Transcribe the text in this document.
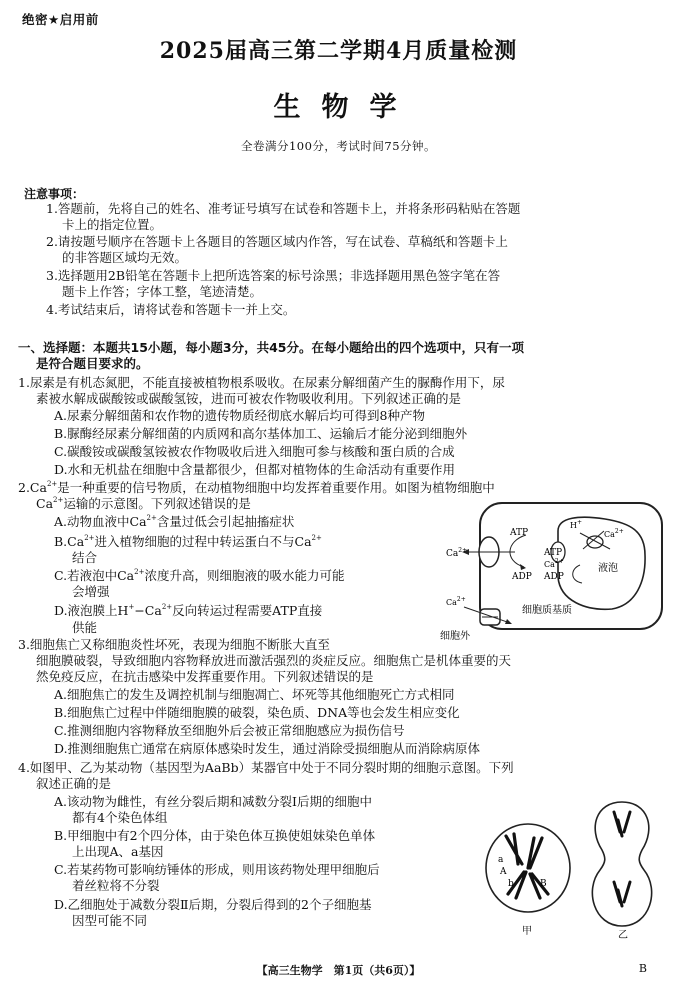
绝密★启用前
2025届高三第二学期4月质量检测
生物学
全卷满分100分，考试时间75分钟。
注意事项：
1.答题前，先将自己的姓名、准考证号填写在试卷和答题卡上，并将条形码粘贴在答题
卡上的指定位置。
2.请按题号顺序在答题卡上各题目的答题区域内作答，写在试卷、草稿纸和答题卡上
的非答题区域均无效。
3.选择题用2B铅笔在答题卡上把所选答案的标号涂黑；非选择题用黑色签字笔在答
题卡上作答；字体工整，笔迹清楚。
4.考试结束后，请将试卷和答题卡一并上交。
一、选择题：本题共15小题，每小题3分，共45分。在每小题给出的四个选项中，只有一项
是符合题目要求的。
1.尿素是有机态氮肥，不能直接被植物根系吸收。在尿素分解细菌产生的脲酶作用下，尿
素被水解成碳酸铵或碳酸氢铵，进而可被农作物吸收利用。下列叙述正确的是
A.尿素分解细菌和农作物的遗传物质经彻底水解后均可得到8种产物
B.脲酶经尿素分解细菌的内质网和高尔基体加工、运输后才能分泌到细胞外
C.碳酸铵或碳酸氢铵被农作物吸收后进入细胞可参与核酸和蛋白质的合成
D.水和无机盐在细胞中含量都很少，但都对植物体的生命活动有重要作用
$2.Ca^{2+}$是一种重要的信号物质，在动植物细胞中均发挥着重要作用。如图为植物细胞中
$Ca^{2+}$运输的示意图。下列叙述错误的是
A.动物血液中$Ca^{2+}$含量过低会引起抽搐症状
$B.Ca^{2+}$进入植物细胞的过程中转运蛋白不与$Ca^{2+}$
结合
C.若液泡中$Ca^{2+}$浓度升高，则细胞液的吸水能力可能
会增强
D.液泡膜上$H^+-Ca^{2+}$反向转运过程需要ATP直接
供能
$Ca^{2+}$
ATP
ADP
ATP
ADP
$Ca^{2+}$
H+
$Ca^{2+}$
液泡
$Ca^{2+}$
细胞质基质
细胞外
3.细胞焦亡又称细胞炎性坏死，表现为细胞不断胀大直至
细胞膜破裂，导致细胞内容物释放进而激活强烈的炎症反应。细胞焦亡是机体重要的天
然免疫反应，在抗击感染中发挥重要作用。下列叙述错误的是
A.细胞焦亡的发生及调控机制与细胞凋亡、坏死等其他细胞死亡方式相同
B.细胞焦亡过程中伴随细胞膜的破裂，染色质、DNA等也会发生相应变化
C.推测细胞内容物释放至细胞外后会被正常细胞感应为损伤信号
D.推测细胞焦亡通常在病原体感染时发生，通过消除受损细胞从而消除病原体
4.如图甲、乙为某动物（基因型为AaBb）某器官中处于不同分裂时期的细胞示意图。下列
叙述正确的是
A.该动物为雌性，有丝分裂后期和减数分裂Ⅰ后期的细胞中
都有4个染色体组
B.甲细胞中有2个四分体，由于染色体互换使姐妹染色单体
上出现A、a基因
C.若某药物可影响纺锤体的形成，则用该药物处理甲细胞后
着丝粒将不分裂
D.乙细胞处于减数分裂Ⅱ后期，分裂后得到的2个子细胞基
因型可能不同
a
A
b	B
甲	乙
【高三生物学　第1页（共6页）】	B
